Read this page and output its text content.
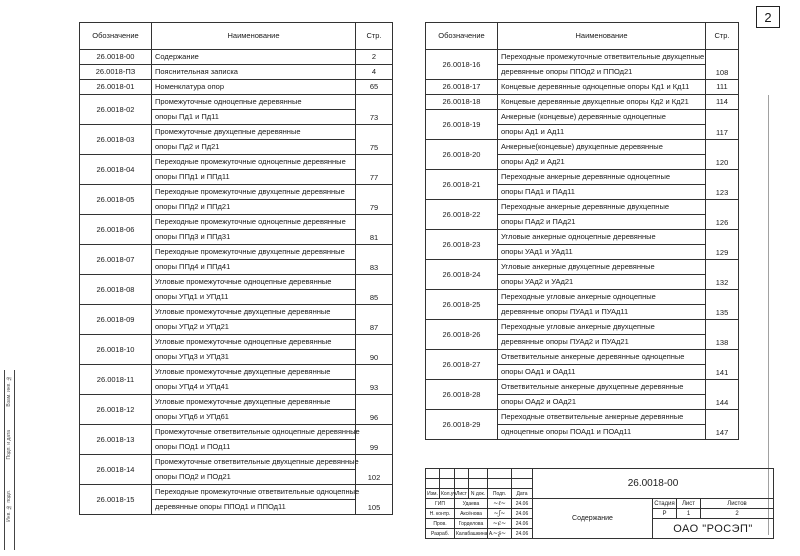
2
Обозначение	Наименование	Стр.
26.0018-00	Содержание	2
26.0018-ПЗ	Пояснительная записка	4
26.0018-01	Номенклатура опор	65
26.0018-02	Промежуточные одноцепные деревянные	73
	опоры Пд1 и Пд11	
26.0018-03	Промежуточные двухцепные деревянные	75
	опоры Пд2 и Пд21	
26.0018-04	Переходные промежуточные одноцепные деревянные	77
	опоры ППд1 и ППд11	
26.0018-05	Переходные промежуточные двухцепные деревянные	79
	опоры ППд2 и ППд21	
26.0018-06	Переходные промежуточные одноцепные деревянные	81
	опоры ППд3 и ППд31	
26.0018-07	Переходные промежуточные двухцепные деревянные	83
	опоры ППд4 и ППд41	
26.0018-08	Угловые промежуточные одноцепные деревянные	85
	опоры УПд1 и УПд11	
26.0018-09	Угловые промежуточные двухцепные деревянные	87
	опоры УПд2 и УПд21	
26.0018-10	Угловые промежуточные одноцепные деревянные	90
	опоры УПд3 и УПд31	
26.0018-11	Угловые промежуточные двухцепные деревянные	93
	опоры УПд4 и УПд41	
26.0018-12	Угловые промежуточные двухцепные деревянные	96
	опоры УПд6 и УПд61	
26.0018-13	Промежуточные ответвительные одноцепные деревянные	99
	опоры ПОд1 и ПОд11	
26.0018-14	Промежуточные ответвительные двухцепные деревянные	102
	опоры ПОд2 и ПОд21	
26.0018-15	Переходные промежуточные ответвительные одноцепные	105
	деревянные опоры ППОд1 и ППОд11	
Обозначение	Наименование	Стр.
26.0018-16	Переходные промежуточные ответвительные двухцепные	108
	деревянные опоры ППОд2 и ППОд21	
26.0018-17	Концевые деревянные одноцепные опоры Кд1 и Кд11	111
26.0018-18	Концевые деревянные двухцепные опоры Кд2 и Кд21	114
26.0018-19	Анкерные (концевые) деревянные одноцепные	117
	опоры Ад1 и Ад11	
26.0018-20	Анкерные(концевые) двухцепные деревянные	120
	опоры Ад2 и Ад21	
26.0018-21	Переходные анкерные деревянные одноцепные	123
	опоры ПАд1 и ПАд11	
26.0018-22	Переходные анкерные деревянные двухцепные	126
	опоры ПАд2 и ПАд21	
26.0018-23	Угловые анкерные одноцепные деревянные	129
	опоры УАд1 и УАд11	
26.0018-24	Угловые анкерные двухцепные деревянные	132
	опоры УАд2 и УАд21	
26.0018-25	Переходные угловые анкерные одноцепные	135
	деревянные опоры ПУАд1 и ПУАд11	
26.0018-26	Переходные угловые анкерные двухцепные	138
	деревянные опоры ПУАд2 и ПУАд21	
26.0018-27	Ответвительные анкерные деревянные одноцепные	141
	опоры ОАд1 и ОАд11	
26.0018-28	Ответвительные анкерные двухцепные деревянные	144
	опоры ОАд2 и ОАд21	
26.0018-29	Переходные ответвительные анкерные деревянные	147
	одноцепные опоры ПОАд1 и ПОАд11	
						26.0018-00			

Изм.	Кол.уч.	Лист	N док.	Подп.	Дата				
ГИП		Удаева		~ℓ~	24.06	Содержание	Стадия	Лист	Листов
Н. контр.		Аксёнова		~ʃ~	24.06		Р	1	2
Пров.		Горделова		~ɕ~	24.06		ОАО "РОСЭП"		
Разраб.		Калабашкина А.		~ʂ~	24.06				
Инв. № подл.
Подп. и дата
Взам. инв. №
